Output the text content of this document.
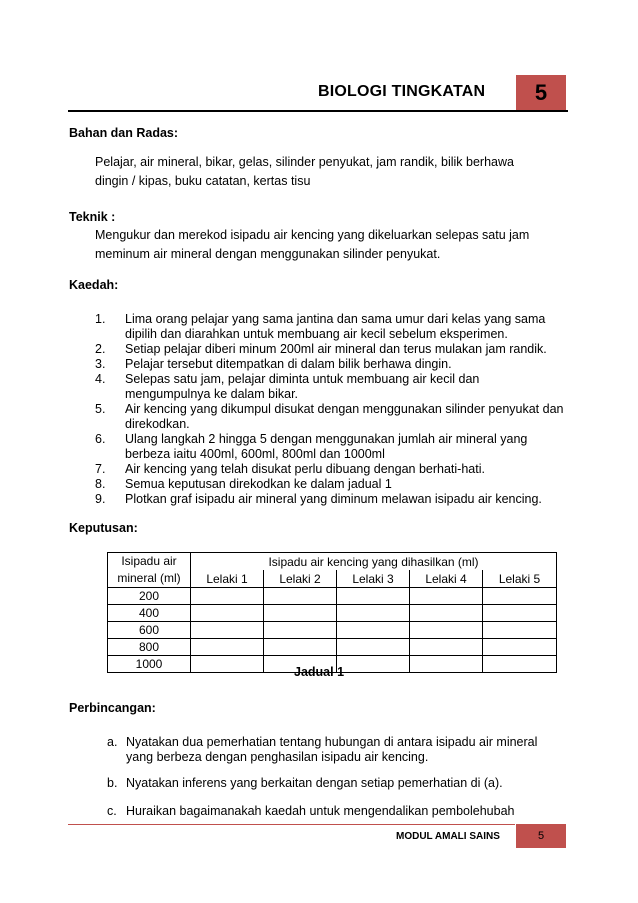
BIOLOGI TINGKATAN	5
Bahan dan Radas:
Pelajar, air mineral, bikar, gelas, silinder penyukat, jam randik, bilik berhawa
dingin / kipas, buku catatan, kertas tisu
Teknik :
Mengukur dan merekod isipadu air kencing yang dikeluarkan selepas satu jam
meminum air mineral dengan menggunakan silinder penyukat.
Kaedah:
1.	Lima orang pelajar yang sama jantina dan sama umur dari kelas yang sama dipilih dan diarahkan untuk membuang air kecil sebelum eksperimen.
2.	Setiap pelajar diberi minum 200ml air mineral dan terus mulakan jam randik.
3.	Pelajar tersebut ditempatkan di dalam bilik berhawa dingin.
4.	Selepas satu jam, pelajar diminta untuk membuang air kecil dan mengumpulnya ke dalam bikar.
5.	Air kencing yang dikumpul disukat dengan menggunakan silinder penyukat dan direkodkan.
6.	Ulang langkah 2 hingga 5 dengan menggunakan jumlah air mineral yang berbeza iaitu 400ml, 600ml, 800ml dan 1000ml
7.	Air kencing yang telah disukat perlu dibuang dengan berhati-hati.
8.	Semua keputusan direkodkan ke dalam jadual 1
9.	Plotkan graf isipadu air mineral yang diminum melawan isipadu air kencing.
Keputusan:
Isipadu air
mineral (ml)	Isipadu air kencing yang dihasilkan (ml)				
	Lelaki 1	Lelaki 2	Lelaki 3	Lelaki 4	Lelaki 5
200					
400					
600					
800					
1000					
Jadual 1
Perbincangan:
a. Nyatakan dua pemerhatian tentang hubungan di antara isipadu air mineral yang berbeza dengan penghasilan isipadu air kencing.
b. Nyatakan inferens yang berkaitan dengan setiap pemerhatian di (a).
c. Huraikan bagaimanakah kaedah untuk mengendalikan pembolehubah
MODUL AMALI SAINS	5
